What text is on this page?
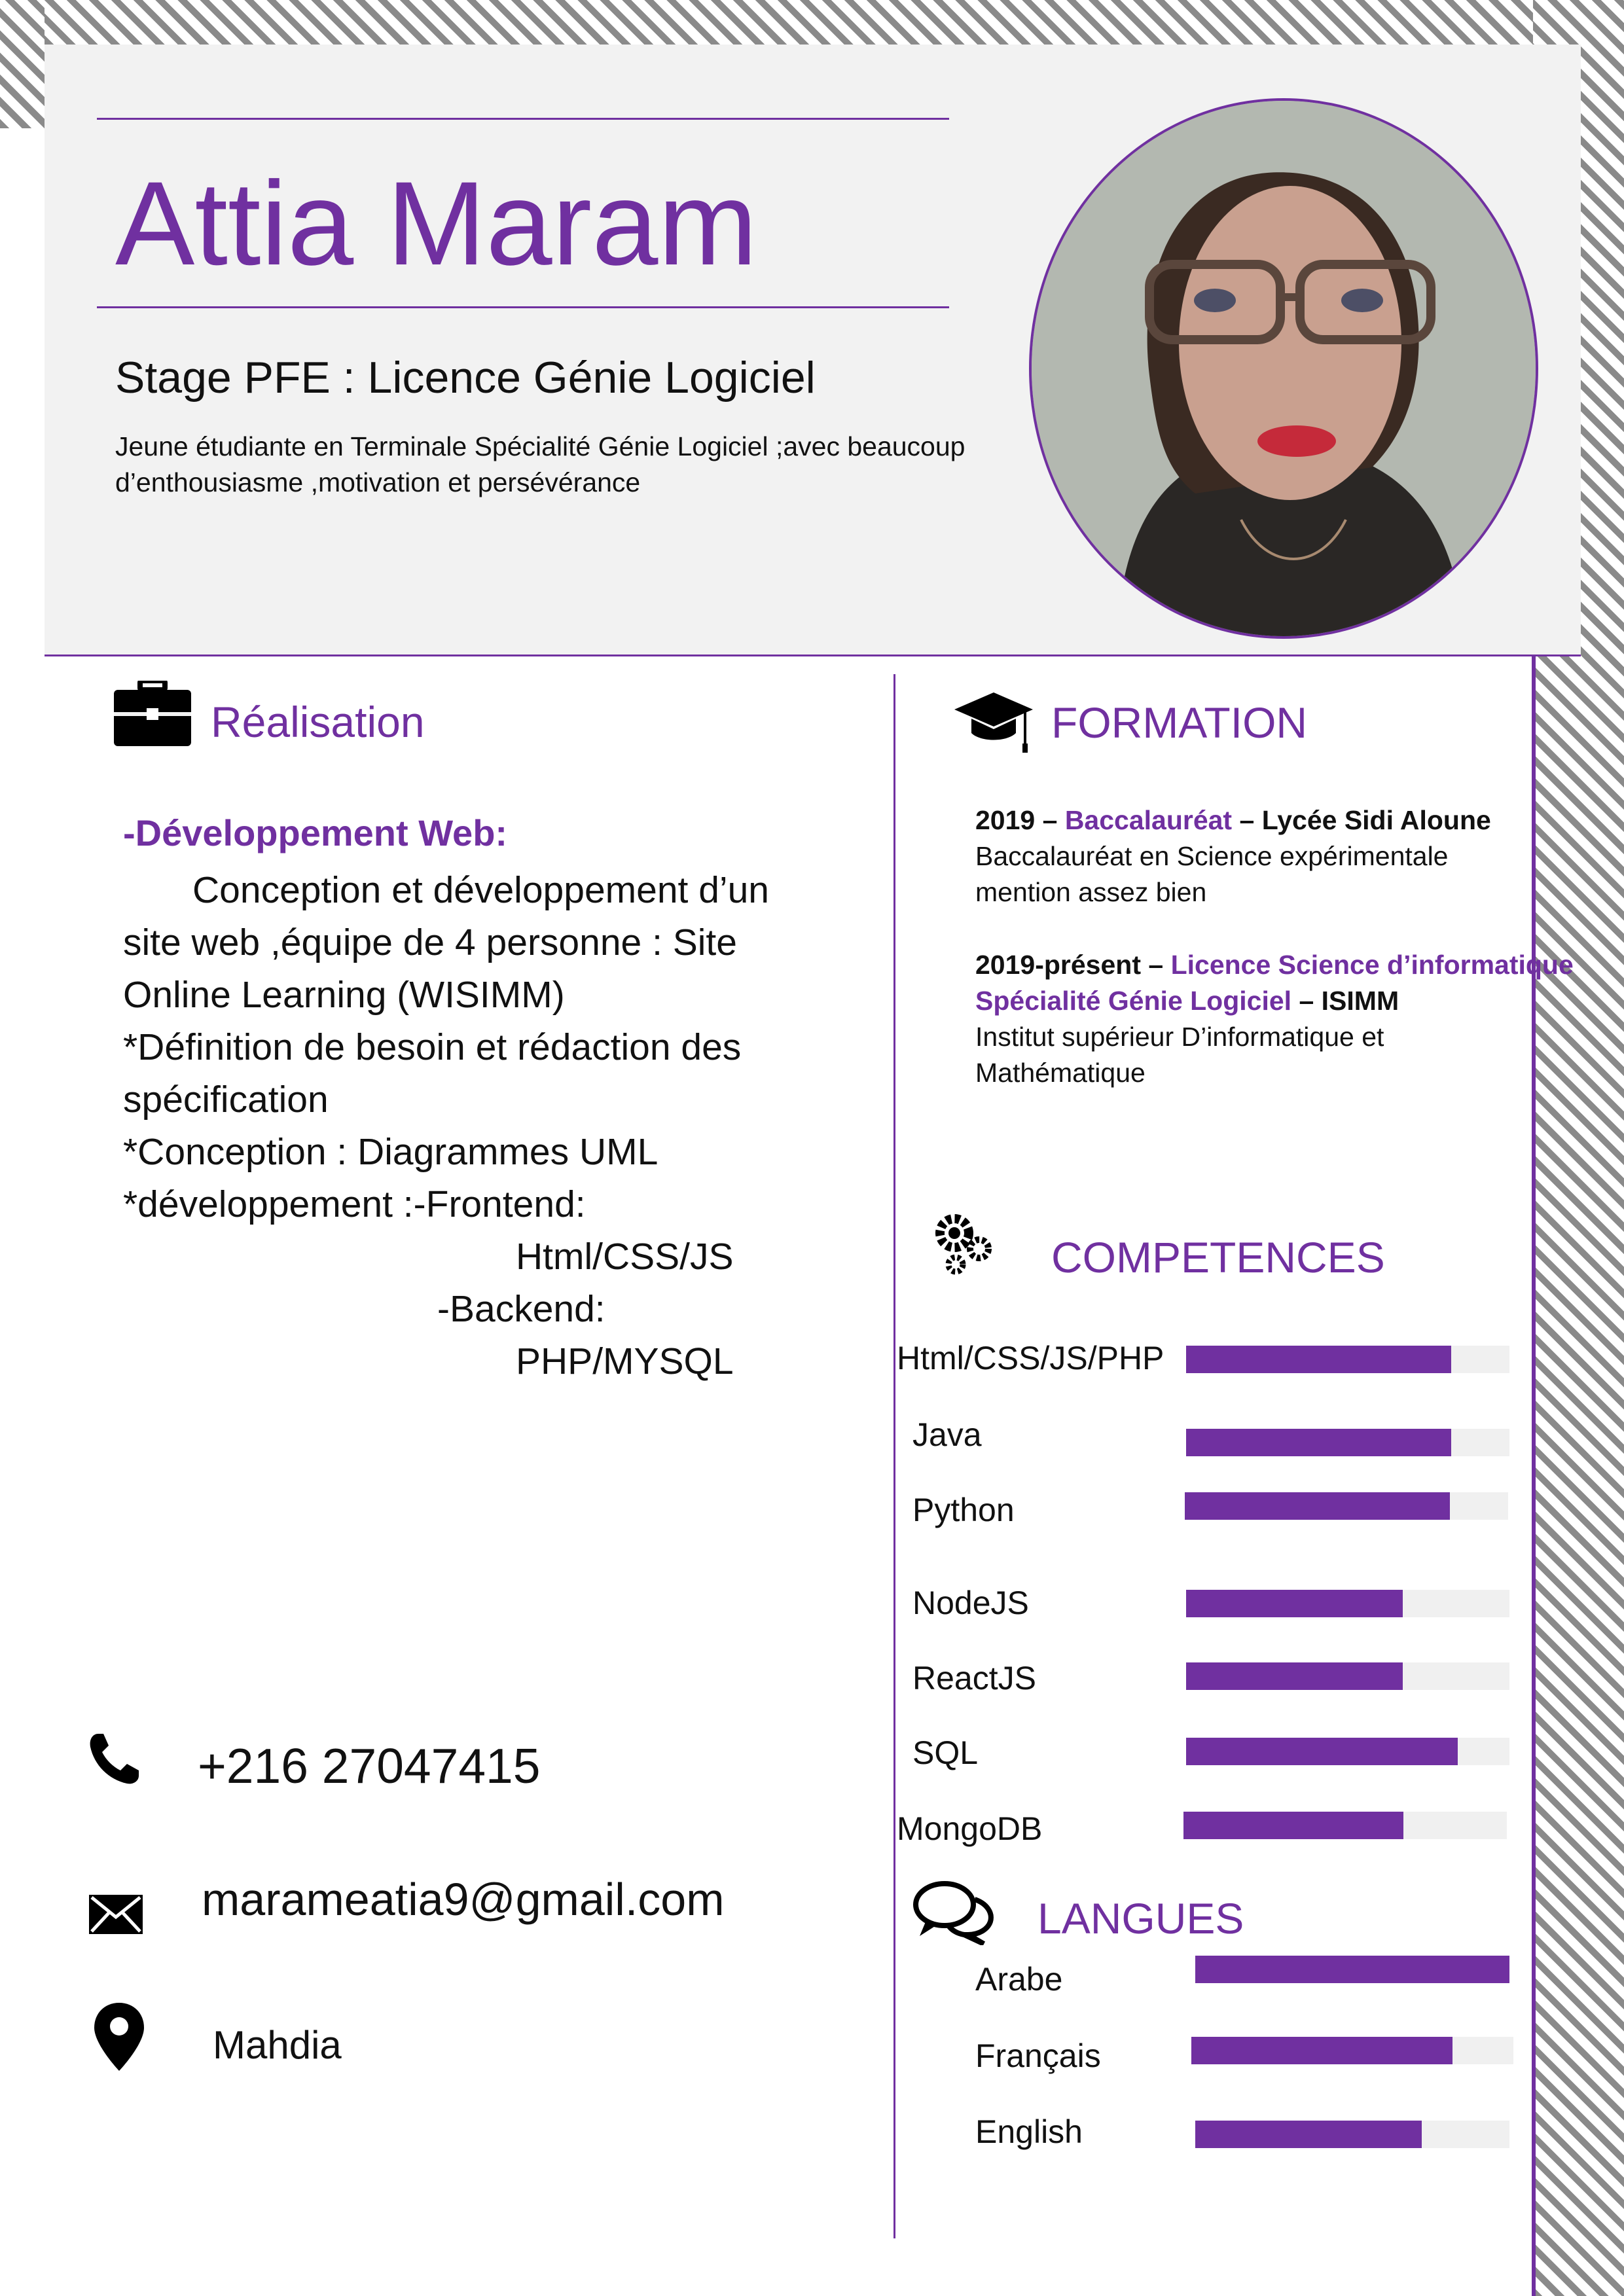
Attia Maram
Stage PFE : Licence Génie Logiciel
Jeune étudiante en Terminale Spécialité Génie Logiciel ;avec beaucoup
d’enthousiasme ,motivation et persévérance
Réalisation
-Développement Web:
Conception et développement d’un
site web ,équipe de 4 personne : Site
Online Learning (WISIMM)
*Définition de besoin et rédaction des
spécification
*Conception : Diagrammes UML
*développement :-Frontend:
Html/CSS/JS
-Backend:
PHP/MYSQL
+216 27047415
marameatia9@gmail.com
Mahdia
FORMATION
2019 – Baccalauréat – Lycée Sidi Aloune
Baccalauréat en Science expérimentale
mention assez bien
2019-présent – Licence Science d’informatique
Spécialité Génie Logiciel – ISIMM
Institut supérieur D’informatique et
Mathématique
COMPETENCES
Html/CSS/JS/PHP
Java
Python
NodeJS
ReactJS
SQL
MongoDB
LANGUES
Arabe
Français
English
